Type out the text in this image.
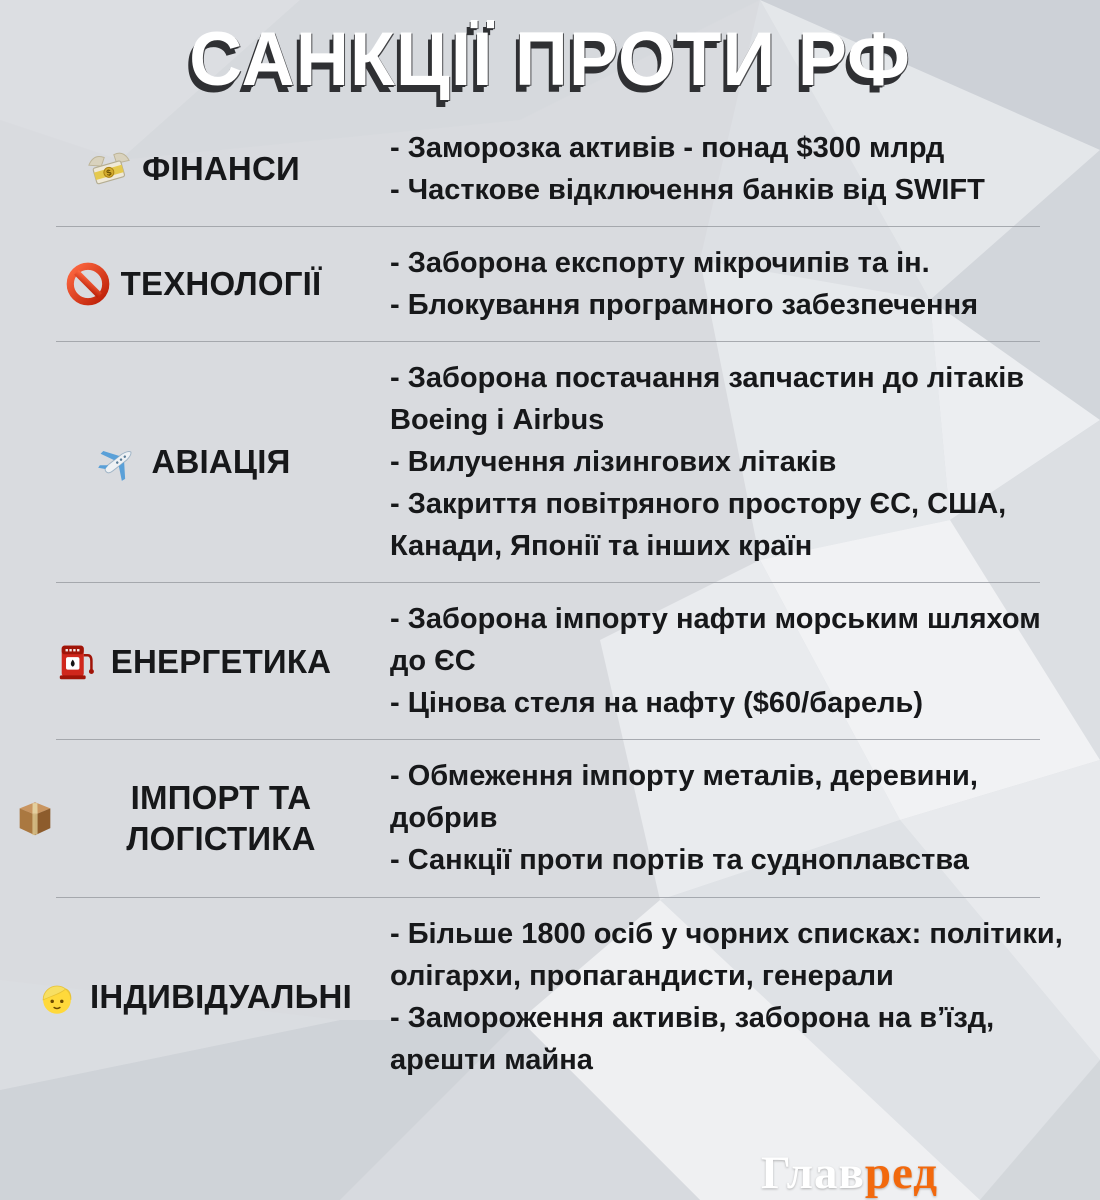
САНКЦІЇ ПРОТИ РФ
$ ФІНАНСИ
- Заморозка активів - понад $300 млрд
- Часткове відключення банків від SWIFT
ТЕХНОЛОГІЇ
- Заборона експорту мікрочипів та ін.
- Блокування програмного забезпечення
АВІАЦІЯ
- Заборона постачання запчастин до літаків Boeing і Airbus
- Вилучення лізингових літаків
- Закриття повітряного простору ЄС, США, Канади, Японії та інших країн
ЕНЕРГЕТИКА
- Заборона імпорту нафти морським шляхом до ЄС
- Цінова стеля на нафту ($60/барель)
ІМПОРТ ТА ЛОГІСТИКА
- Обмеження імпорту металів, деревини, добрив
- Санкції проти портів та судноплавства
ІНДИВІДУАЛЬНІ
- Більше 1800 осіб у чорних списках: політики, олігархи, пропагандисти, генерали
- Замороження активів, заборона на в’їзд, арешти майна
Главред
